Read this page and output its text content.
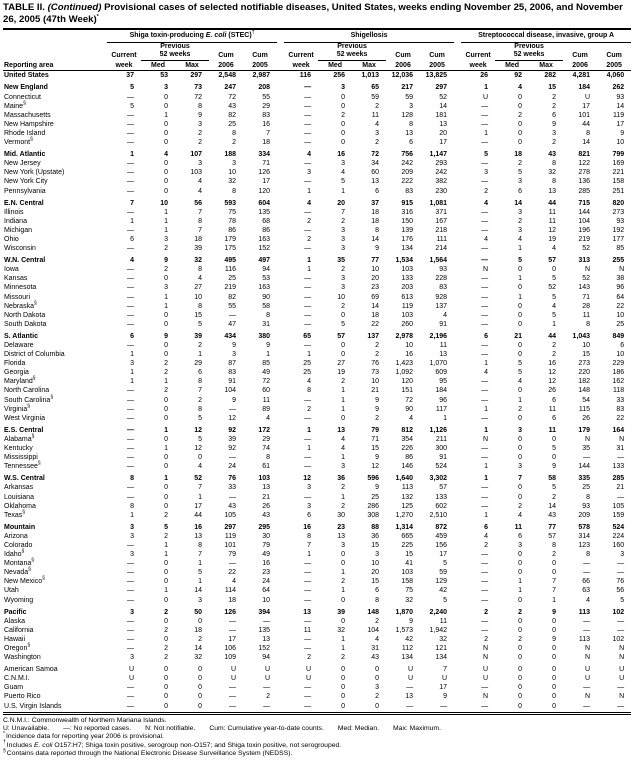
TABLE II. (Continued) Provisional cases of selected notifiable diseases, United States, weeks ending November 25, 2006, and November 26, 2005 (47th Week)*
Reporting area	Shiga toxin-producing E. coli (STEC)†						Shigellosis						Streptococcal disease, invasive, group A				
		Previous						Previous						Previous			
	Current	52 weeks		Cum	Cum		Current	52 weeks		Cum	Cum		Current	52 weeks		Cum	Cum
	week	Med	Max	2006	2005		week	Med	Max	2006	2005		week	Med	Max	2006	2005
United States	37	53	297	2,548	2,987		116	256	1,013	12,036	13,825		26	92	282	4,281	4,060

New England	5	3	73	247	208		—	3	65	217	297		1	4	15	184	262
Connecticut	—	0	72	72	55		—	0	59	59	52		U	0	2	U	93
Maine§	5	0	8	43	29		—	0	2	3	14		—	0	2	17	14
Massachusetts	—	1	9	82	83		—	2	11	128	181		—	2	6	101	119
New Hampshire	—	0	3	25	16		—	0	4	8	13		—	0	9	44	17
Rhode Island	—	0	2	8	7		—	0	3	13	20		1	0	3	8	9
Vermont§	—	0	2	2	18		—	0	2	6	17		—	0	2	14	10

Mid. Atlantic	1	4	107	188	334		4	16	72	756	1,147		5	18	43	821	799
New Jersey	—	0	3	3	71		—	3	34	242	293		—	2	8	122	169
New York (Upstate)	—	0	103	10	126		3	4	60	209	242		3	5	32	278	221
New York City	—	0	4	32	17		—	5	13	222	382		—	3	8	136	158
Pennsylvania	—	0	4	8	120		1	1	6	83	230		2	6	13	285	251

E.N. Central	7	10	56	593	604		4	20	37	915	1,081		4	14	44	715	820
Illinois	—	1	7	75	135		—	7	18	316	371		—	3	11	144	273
Indiana	1	1	8	78	68		2	2	18	150	167		—	2	11	104	93
Michigan	—	1	7	86	86		—	3	8	139	218		—	3	12	196	192
Ohio	6	3	18	179	163		2	3	14	176	111		4	4	19	219	177
Wisconsin	—	2	39	175	152		—	3	9	134	214		—	1	4	52	85

W.N. Central	4	9	32	495	497		1	35	77	1,534	1,564		—	5	57	313	255
Iowa	—	2	8	116	94		1	2	10	103	93		N	0	0	N	N
Kansas	—	0	4	25	53		—	3	20	133	228		—	1	5	52	38
Minnesota	—	3	27	219	163		—	3	23	203	83		—	0	52	143	96
Missouri	—	1	10	82	90		—	10	69	613	928		—	1	5	71	64
Nebraska§	—	1	8	55	58		—	2	14	119	137		—	0	4	28	22
North Dakota	—	0	15	—	8		—	0	18	103	4		—	0	5	11	10
South Dakota	—	0	5	47	31		—	5	22	260	91		—	0	1	8	25

S. Atlantic	6	9	39	434	380		65	57	137	2,978	2,196		6	21	44	1,043	849
Delaware	—	0	2	9	9		—	0	2	10	11		—	0	2	10	6
District of Columbia	1	0	1	3	1		1	0	2	16	13		—	0	2	15	10
Florida	3	2	29	87	85		25	27	76	1,423	1,070		1	5	16	273	229
Georgia	1	2	6	83	49		25	19	73	1,092	609		4	5	12	220	186
Maryland§	1	1	8	91	72		4	2	10	120	95		—	4	12	182	162
North Carolina	—	2	7	104	60		8	1	21	151	184		—	0	26	148	118
South Carolina§	—	0	2	9	11		—	1	9	72	96		—	1	6	54	33
Virginia§	—	0	8	—	89		2	1	9	90	117		1	2	11	115	83
West Virginia	—	0	5	12	4		—	0	2	4	1		—	0	6	26	22

E.S. Central	—	1	12	92	172		1	13	79	812	1,126		1	3	11	179	164
Alabama§	—	0	5	39	29		—	4	71	354	211		N	0	0	N	N
Kentucky	—	1	12	92	74		1	4	15	226	300		—	0	5	35	31
Mississippi	—	0	0	—	8		—	1	9	86	91		—	0	0	—	—
Tennessee§	—	0	4	24	61		—	3	12	146	524		1	3	9	144	133

W.S. Central	8	1	52	76	103		12	36	596	1,640	3,302		1	7	58	335	285
Arkansas	—	0	7	33	13		3	2	9	113	57		—	0	5	25	21
Louisiana	—	0	1	—	21		—	1	25	132	133		—	0	2	8	—
Oklahoma	8	0	17	43	26		3	2	286	125	602		—	2	14	93	105
Texas§	1	2	44	105	43		6	30	308	1,270	2,510		1	4	43	209	159

Mountain	3	5	16	297	295		16	23	88	1,314	872		6	11	77	578	524
Arizona	3	2	13	119	30		8	13	36	665	459		4	6	57	314	224
Colorado	—	1	8	101	79		7	3	15	225	156		2	3	8	123	160
Idaho§	3	1	7	79	49		1	0	3	15	17		—	0	2	8	3
Montana§	—	0	1	—	16		—	0	10	41	5		—	0	0	—	—
Nevada§	—	0	5	22	23		—	1	20	103	59		—	0	0	—	—
New Mexico§	—	0	1	4	24		—	2	15	158	129		—	1	7	66	76
Utah	—	1	14	114	64		—	1	6	75	42		—	1	7	63	56
Wyoming	—	0	3	18	10		—	0	8	32	5		—	0	1	4	5

Pacific	3	2	50	126	394		13	39	148	1,870	2,240		2	2	9	113	102
Alaska	—	0	0	—	—		—	0	2	9	11		—	0	0	—	—
California	—	2	18	—	135		11	32	104	1,573	1,942		—	0	0	—	—
Hawaii	—	0	2	17	13		—	1	4	42	32		2	2	9	113	102
Oregon§	—	2	14	106	152		—	1	31	112	121		N	0	0	N	N
Washington	3	2	32	109	94		2	2	43	134	134		N	0	0	N	N

American Samoa	U	0	0	U	U		U	0	0	U	7		U	0	0	U	U
C.N.M.I.	U	0	0	U	U		U	0	0	U	U		U	0	0	U	U
Guam	—	0	0	—	—		—	0	3	—	17		—	0	0	—	—
Puerto Rico	—	0	0	—	2		—	0	2	13	9		N	0	0	N	N
U.S. Virgin Islands	—	0	0	—	—		—	0	0	—	—		—	0	0	—	—
C.N.M.I.: Commonwealth of Northern Mariana Islands.
U: Unavailable. —: No reported cases. N: Not notifiable. Cum: Cumulative year-to-date counts. Med: Median. Max: Maximum.
*Incidence data for reporting year 2006 is provisional.
†Includes E. coli O157:H7; Shiga toxin positive, serogroup non-O157; and Shiga toxin positive, not serogrouped.
§Contains data reported through the National Electronic Disease Surveillance System (NEDSS).
